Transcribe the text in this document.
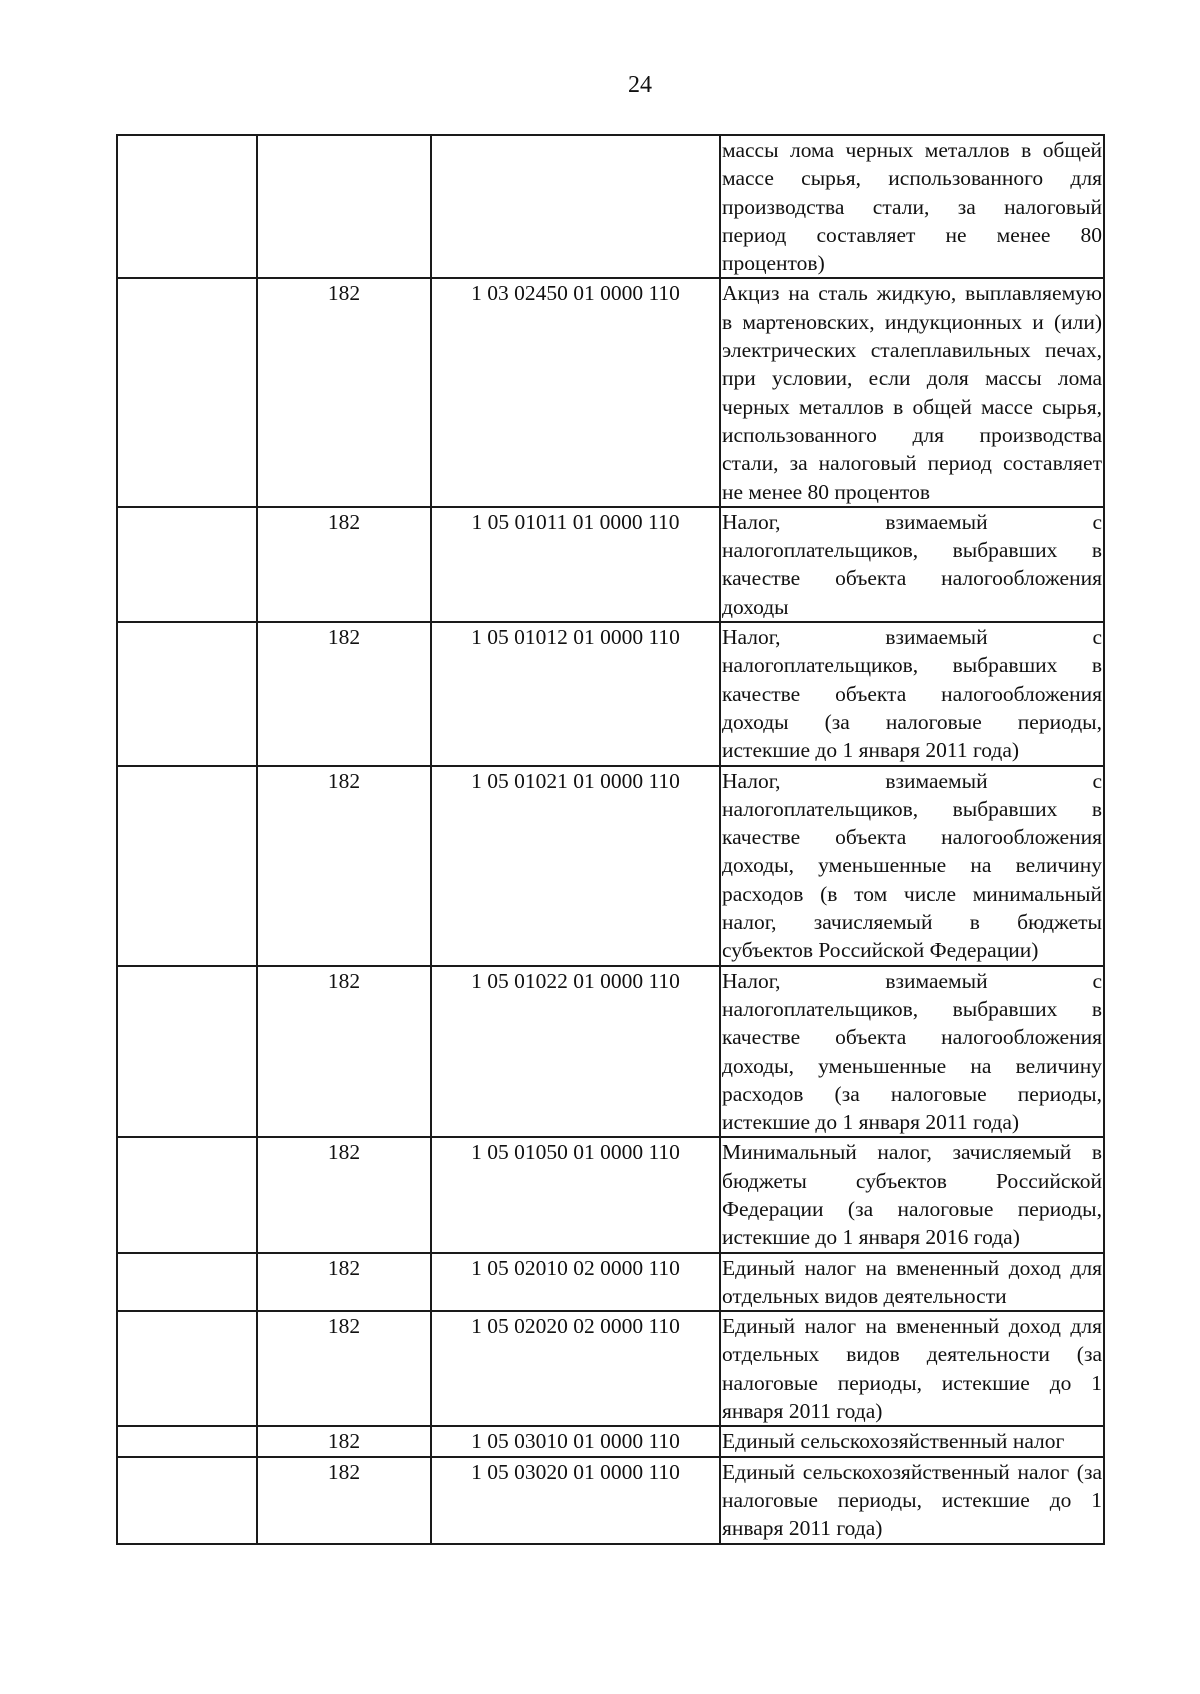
24

			массы лома черных металлов в общей массе сырья, использованного для производства стали, за налоговый период составляет не менее 80 процентов)

	182	1 03 02450 01 0000 110	Акциз на сталь жидкую, выплавляемую в мартеновских, индукционных и (или) электрических сталеплавильных печах, при условии, если доля массы лома черных металлов в общей массе сырья, использованного для производства стали, за налоговый период составляет не менее 80 процентов

	182	1 05 01011 01 0000 110	Налог, взимаемый с налогоплательщиков, выбравших в качестве объекта налогообложения доходы

	182	1 05 01012 01 0000 110	Налог, взимаемый с налогоплательщиков, выбравших в качестве объекта налогообложения доходы (за налоговые периоды, истекшие до 1 января 2011 года)

	182	1 05 01021 01 0000 110	Налог, взимаемый с налогоплательщиков, выбравших в качестве объекта налогообложения доходы, уменьшенные на величину расходов (в том числе минимальный налог, зачисляемый в бюджеты субъектов Российской Федерации)

	182	1 05 01022 01 0000 110	Налог, взимаемый с налогоплательщиков, выбравших в качестве объекта налогообложения доходы, уменьшенные на величину расходов (за налоговые периоды, истекшие до 1 января 2011 года)

	182	1 05 01050 01 0000 110	Минимальный налог, зачисляемый в бюджеты субъектов Российской Федерации (за налоговые периоды, истекшие до 1 января 2016 года)

	182	1 05 02010 02 0000 110	Единый налог на вмененный доход для отдельных видов деятельности

	182	1 05 02020 02 0000 110	Единый налог на вмененный доход для отдельных видов деятельности (за налоговые периоды, истекшие до 1 января 2011 года)

	182	1 05 03010 01 0000 110	Единый сельскохозяйственный налог

	182	1 05 03020 01 0000 110	Единый сельскохозяйственный налог (за налоговые периоды, истекшие до 1 января 2011 года)
